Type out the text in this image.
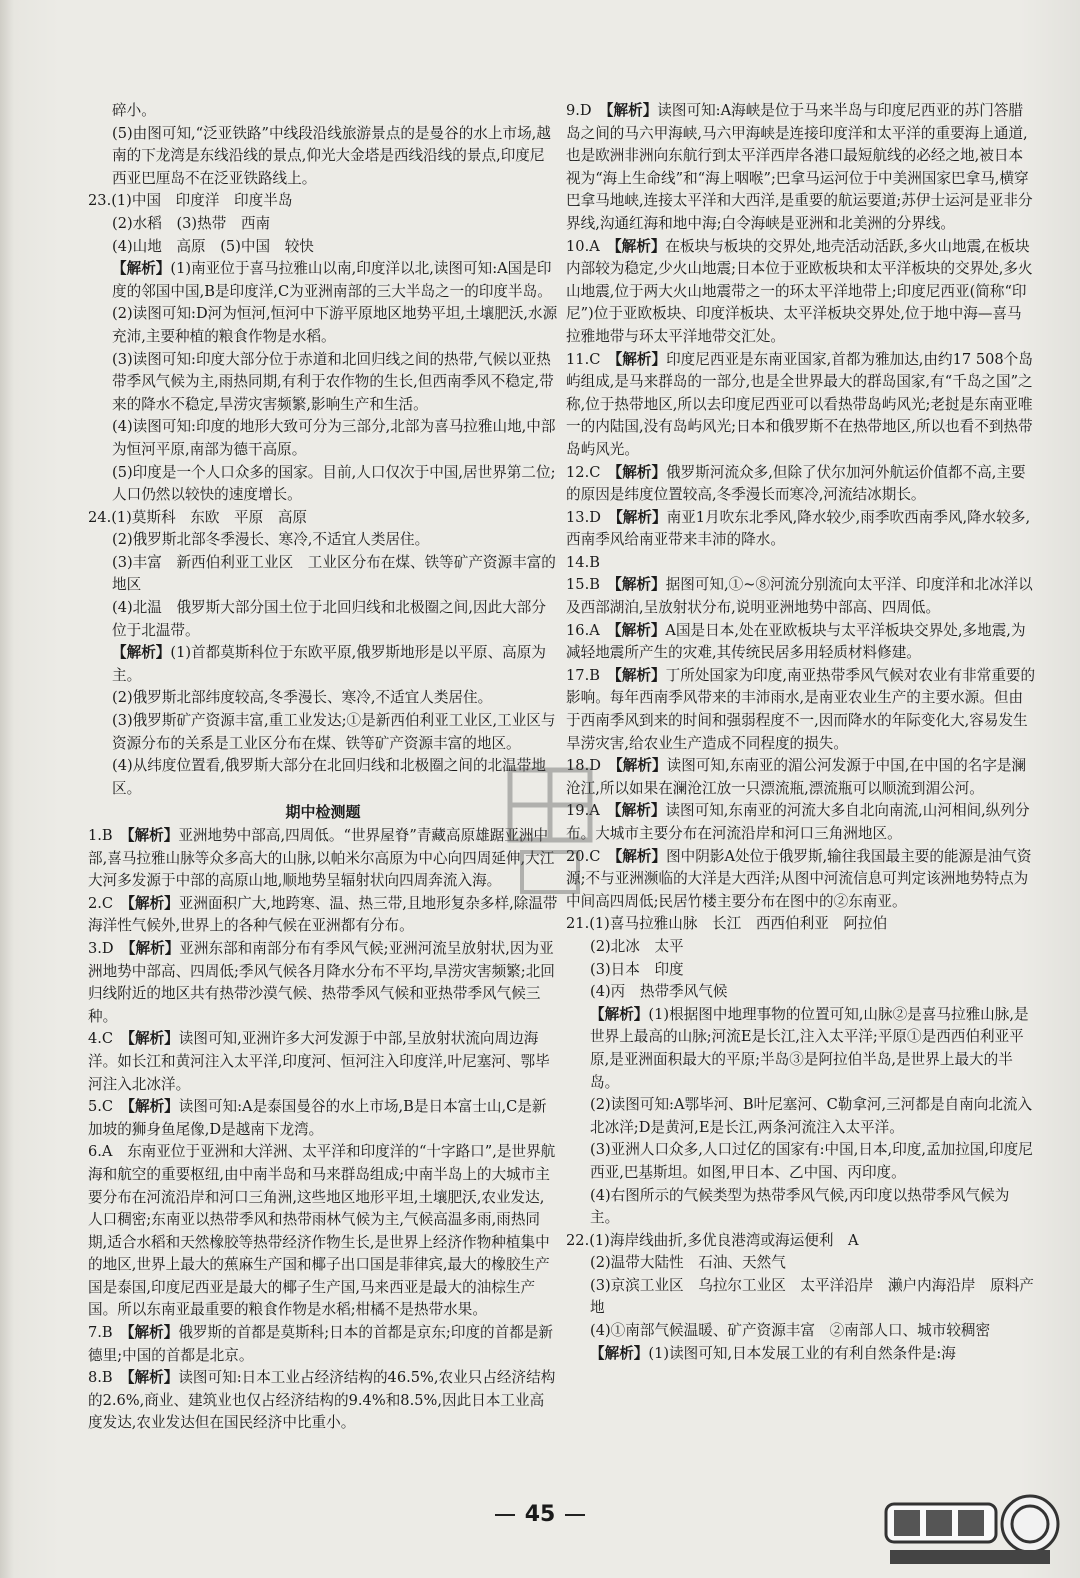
碎小。
(5)由图可知,“泛亚铁路”中线段沿线旅游景点的是曼谷的水上市场,越南的下龙湾是东线沿线的景点,仰光大金塔是西线沿线的景点,印度尼西亚巴厘岛不在泛亚铁路线上。
23.(1)中国　印度洋　印度半岛
(2)水稻　(3)热带　西南
(4)山地　高原　(5)中国　较快
【解析】(1)南亚位于喜马拉雅山以南,印度洋以北,读图可知:A国是印度的邻国中国,B是印度洋,C为亚洲南部的三大半岛之一的印度半岛。
(2)读图可知:D河为恒河,恒河中下游平原地区地势平坦,土壤肥沃,水源充沛,主要种植的粮食作物是水稻。
(3)读图可知:印度大部分位于赤道和北回归线之间的热带,气候以亚热带季风气候为主,雨热同期,有利于农作物的生长,但西南季风不稳定,带来的降水不稳定,旱涝灾害频繁,影响生产和生活。
(4)读图可知:印度的地形大致可分为三部分,北部为喜马拉雅山地,中部为恒河平原,南部为德干高原。
(5)印度是一个人口众多的国家。目前,人口仅次于中国,居世界第二位;人口仍然以较快的速度增长。
24.(1)莫斯科　东欧　平原　高原
(2)俄罗斯北部冬季漫长、寒冷,不适宜人类居住。
(3)丰富　新西伯利亚工业区　工业区分布在煤、铁等矿产资源丰富的地区
(4)北温　俄罗斯大部分国土位于北回归线和北极圈之间,因此大部分位于北温带。
【解析】(1)首都莫斯科位于东欧平原,俄罗斯地形是以平原、高原为主。
(2)俄罗斯北部纬度较高,冬季漫长、寒冷,不适宜人类居住。
(3)俄罗斯矿产资源丰富,重工业发达;①是新西伯利亚工业区,工业区与资源分布的关系是工业区分布在煤、铁等矿产资源丰富的地区。
(4)从纬度位置看,俄罗斯大部分在北回归线和北极圈之间的北温带地区。
期中检测题
1.B　【解析】亚洲地势中部高,四周低。“世界屋脊”青藏高原雄踞亚洲中部,喜马拉雅山脉等众多高大的山脉,以帕米尔高原为中心向四周延伸,大江大河多发源于中部的高原山地,顺地势呈辐射状向四周奔流入海。
2.C　【解析】亚洲面积广大,地跨寒、温、热三带,且地形复杂多样,除温带海洋性气候外,世界上的各种气候在亚洲都有分布。
3.D　【解析】亚洲东部和南部分布有季风气候;亚洲河流呈放射状,因为亚洲地势中部高、四周低;季风气候各月降水分布不平均,旱涝灾害频繁;北回归线附近的地区共有热带沙漠气候、热带季风气候和亚热带季风气候三种。
4.C　【解析】读图可知,亚洲许多大河发源于中部,呈放射状流向周边海洋。如长江和黄河注入太平洋,印度河、恒河注入印度洋,叶尼塞河、鄂毕河注入北冰洋。
5.C　【解析】读图可知:A是泰国曼谷的水上市场,B是日本富士山,C是新加坡的狮身鱼尾像,D是越南下龙湾。
6.A　东南亚位于亚洲和大洋洲、太平洋和印度洋的“十字路口”,是世界航海和航空的重要枢纽,由中南半岛和马来群岛组成;中南半岛上的大城市主要分布在河流沿岸和河口三角洲,这些地区地形平坦,土壤肥沃,农业发达,人口稠密;东南亚以热带季风和热带雨林气候为主,气候高温多雨,雨热同期,适合水稻和天然橡胶等热带经济作物生长,是世界上经济作物种植集中的地区,世界上最大的蕉麻生产国和椰子出口国是菲律宾,最大的橡胶生产国是泰国,印度尼西亚是最大的椰子生产国,马来西亚是最大的油棕生产国。所以东南亚最重要的粮食作物是水稻;柑橘不是热带水果。
7.B　【解析】俄罗斯的首都是莫斯科;日本的首都是京东;印度的首都是新德里;中国的首都是北京。
8.B　【解析】读图可知:日本工业占经济结构的46.5%,农业只占经济结构的2.6%,商业、建筑业也仅占经济结构的9.4%和8.5%,因此日本工业高度发达,农业发达但在国民经济中比重小。
9.D　【解析】读图可知:A海峡是位于马来半岛与印度尼西亚的苏门答腊岛之间的马六甲海峡,马六甲海峡是连接印度洋和太平洋的重要海上通道,也是欧洲非洲向东航行到太平洋西岸各港口最短航线的必经之地,被日本视为“海上生命线”和“海上咽喉”;巴拿马运河位于中美洲国家巴拿马,横穿巴拿马地峡,连接太平洋和大西洋,是重要的航运要道;苏伊士运河是亚非分界线,沟通红海和地中海;白令海峡是亚洲和北美洲的分界线。
10.A　【解析】在板块与板块的交界处,地壳活动活跃,多火山地震,在板块内部较为稳定,少火山地震;日本位于亚欧板块和太平洋板块的交界处,多火山地震,位于两大火山地震带之一的环太平洋地带上;印度尼西亚(简称“印尼”)位于亚欧板块、印度洋板块、太平洋板块交界处,位于地中海—喜马拉雅地带与环太平洋地带交汇处。
11.C　【解析】印度尼西亚是东南亚国家,首都为雅加达,由约17 508个岛屿组成,是马来群岛的一部分,也是全世界最大的群岛国家,有“千岛之国”之称,位于热带地区,所以去印度尼西亚可以看热带岛屿风光;老挝是东南亚唯一的内陆国,没有岛屿风光;日本和俄罗斯不在热带地区,所以也看不到热带岛屿风光。
12.C　【解析】俄罗斯河流众多,但除了伏尔加河外航运价值都不高,主要的原因是纬度位置较高,冬季漫长而寒冷,河流结冰期长。
13.D　【解析】南亚1月吹东北季风,降水较少,雨季吹西南季风,降水较多,西南季风给南亚带来丰沛的降水。
14.B
15.B　【解析】据图可知,①~⑧河流分别流向太平洋、印度洋和北冰洋以及西部湖泊,呈放射状分布,说明亚洲地势中部高、四周低。
16.A　【解析】A国是日本,处在亚欧板块与太平洋板块交界处,多地震,为减轻地震所产生的灾难,其传统民居多用轻质材料修建。
17.B　【解析】丁所处国家为印度,南亚热带季风气候对农业有非常重要的影响。每年西南季风带来的丰沛雨水,是南亚农业生产的主要水源。但由于西南季风到来的时间和强弱程度不一,因而降水的年际变化大,容易发生旱涝灾害,给农业生产造成不同程度的损失。
18.D　【解析】读图可知,东南亚的湄公河发源于中国,在中国的名字是澜沧江,所以如果在澜沧江放一只漂流瓶,漂流瓶可以顺流到湄公河。
19.A　【解析】读图可知,东南亚的河流大多自北向南流,山河相间,纵列分布。大城市主要分布在河流沿岸和河口三角洲地区。
20.C　【解析】图中阴影A处位于俄罗斯,输往我国最主要的能源是油气资源;不与亚洲濒临的大洋是大西洋;从图中河流信息可判定该洲地势特点为中间高四周低;民居竹楼主要分布在图中的②东南亚。
21.(1)喜马拉雅山脉　长江　西西伯利亚　阿拉伯
(2)北冰　太平
(3)日本　印度
(4)丙　热带季风气候
【解析】(1)根据图中地理事物的位置可知,山脉②是喜马拉雅山脉,是世界上最高的山脉;河流E是长江,注入太平洋;平原①是西西伯利亚平原,是亚洲面积最大的平原;半岛③是阿拉伯半岛,是世界上最大的半岛。
(2)读图可知:A鄂毕河、B叶尼塞河、C勒拿河,三河都是自南向北流入北冰洋;D是黄河,E是长江,两条河流注入太平洋。
(3)亚洲人口众多,人口过亿的国家有:中国,日本,印度,孟加拉国,印度尼西亚,巴基斯坦。如图,甲日本、乙中国、丙印度。
(4)右图所示的气候类型为热带季风气候,丙印度以热带季风气候为主。
22.(1)海岸线曲折,多优良港湾或海运便利　A
(2)温带大陆性　石油、天然气
(3)京滨工业区　乌拉尔工业区　太平洋沿岸　濑户内海沿岸　原料产地
(4)①南部气候温暖、矿产资源丰富　②南部人口、城市较稠密
【解析】(1)读图可知,日本发展工业的有利自然条件是:海
45
